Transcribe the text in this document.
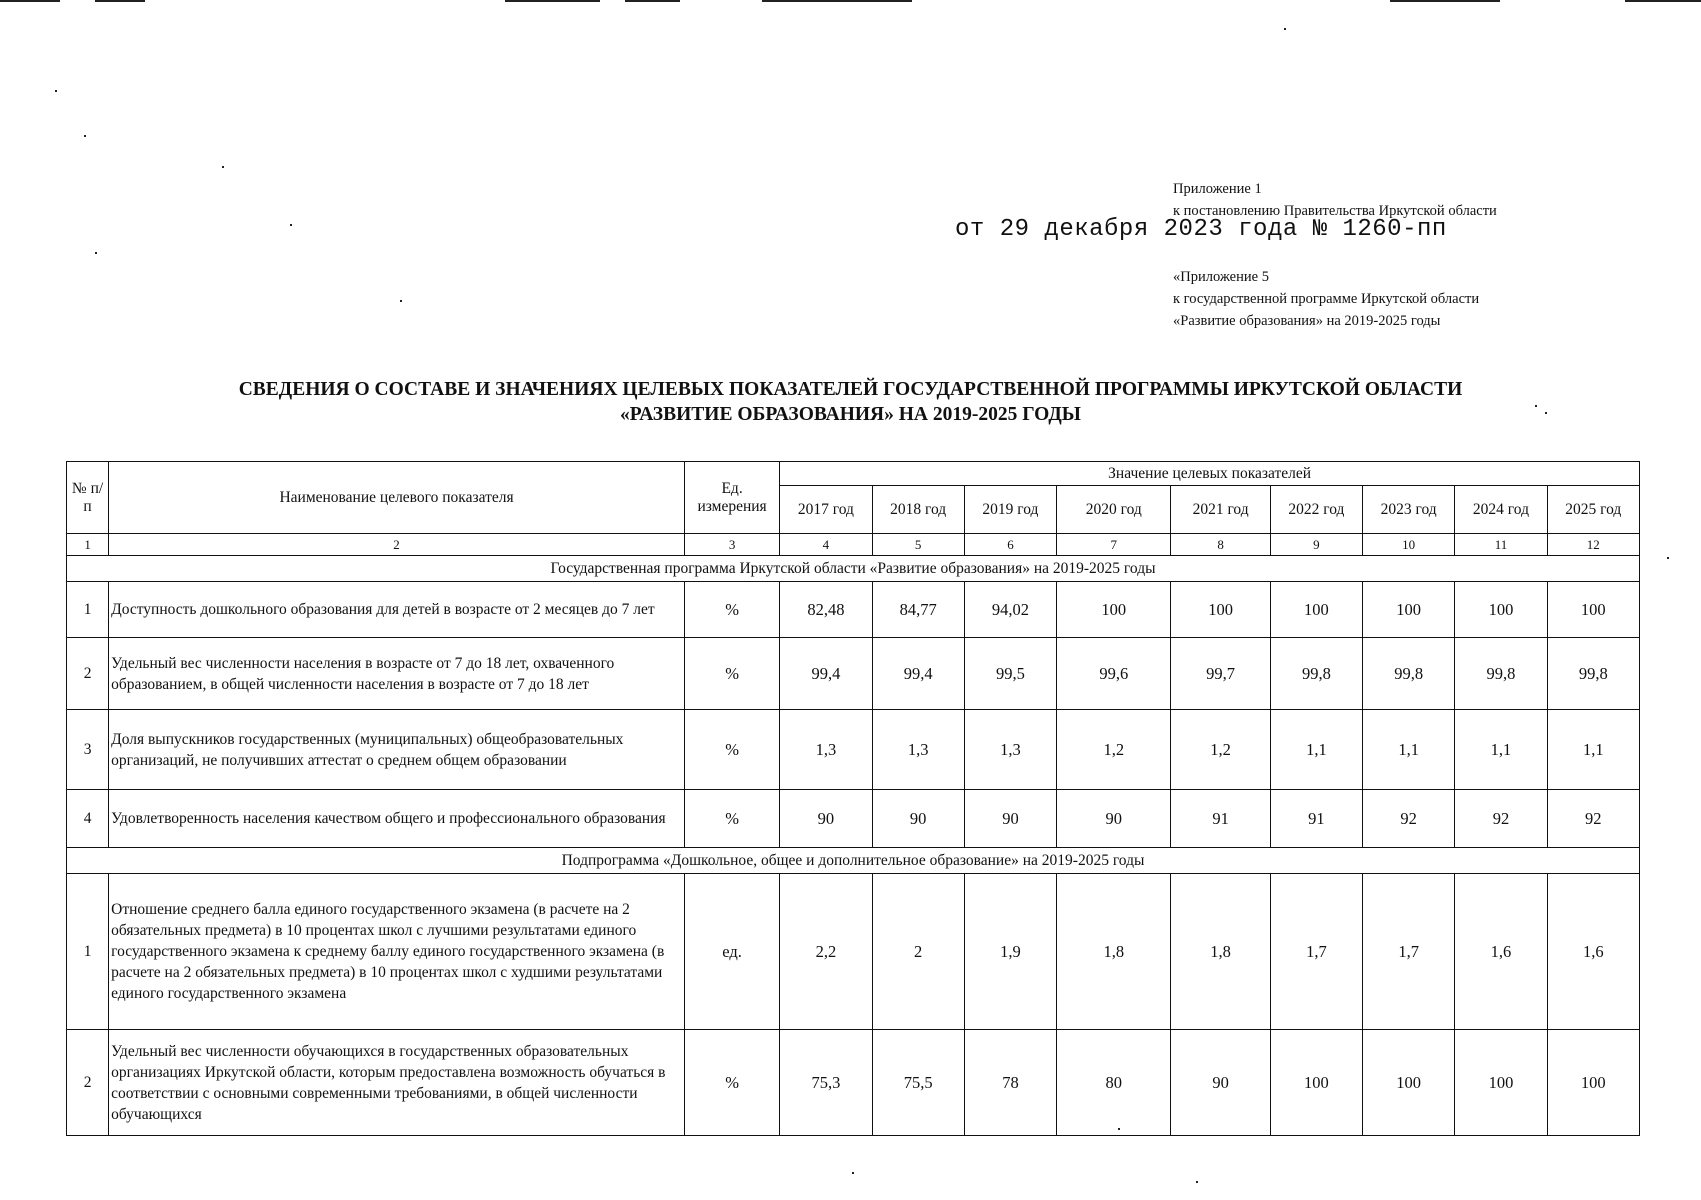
Приложение 1
к постановлению Правительства Иркутской области
от 29 декабря 2023 года № 1260-пп
«Приложение 5
к государственной программе Иркутской области
«Развитие образования» на 2019-2025 годы
СВЕДЕНИЯ О СОСТАВЕ И ЗНАЧЕНИЯХ ЦЕЛЕВЫХ ПОКАЗАТЕЛЕЙ ГОСУДАРСТВЕННОЙ ПРОГРАММЫ ИРКУТСКОЙ ОБЛАСТИ
«РАЗВИТИЕ ОБРАЗОВАНИЯ» НА 2019-2025 ГОДЫ
№ п/п	Наименование целевого показателя	Ед. измерения	Значение целевых показателей								
			2017 год	2018 год	2019 год	2020 год	2021 год	2022 год	2023 год	2024 год	2025 год
1	2	3	4	5	6	7	8	9	10	11	12
Государственная программа Иркутской области «Развитие образования» на 2019-2025 годы											
1	Доступность дошкольного образования для детей в возрасте от 2 месяцев до 7 лет	%	82,48	84,77	94,02	100	100	100	100	100	100
2	Удельный вес численности населения в возрасте от 7 до 18 лет, охваченного образованием, в общей численности населения в возрасте от 7 до 18 лет	%	99,4	99,4	99,5	99,6	99,7	99,8	99,8	99,8	99,8
3	Доля выпускников государственных (муниципальных) общеобразовательных организаций, не получивших аттестат о среднем общем образовании	%	1,3	1,3	1,3	1,2	1,2	1,1	1,1	1,1	1,1
4	Удовлетворенность населения качеством общего и профессионального образования	%	90	90	90	90	91	91	92	92	92
Подпрограмма «Дошкольное, общее и дополнительное образование» на 2019-2025 годы											
1	Отношение среднего балла единого государственного экзамена (в расчете на 2 обязательных предмета) в 10 процентах школ с лучшими результатами единого государственного экзамена к среднему баллу единого государственного экзамена (в расчете на 2 обязательных предмета) в 10 процентах школ с худшими результатами единого государственного экзамена	ед.	2,2	2	1,9	1,8	1,8	1,7	1,7	1,6	1,6
2	Удельный вес численности обучающихся в государственных образовательных организациях Иркутской области, которым предоставлена возможность обучаться в соответствии с основными современными требованиями, в общей численности обучающихся	%	75,3	75,5	78	80	90	100	100	100	100
